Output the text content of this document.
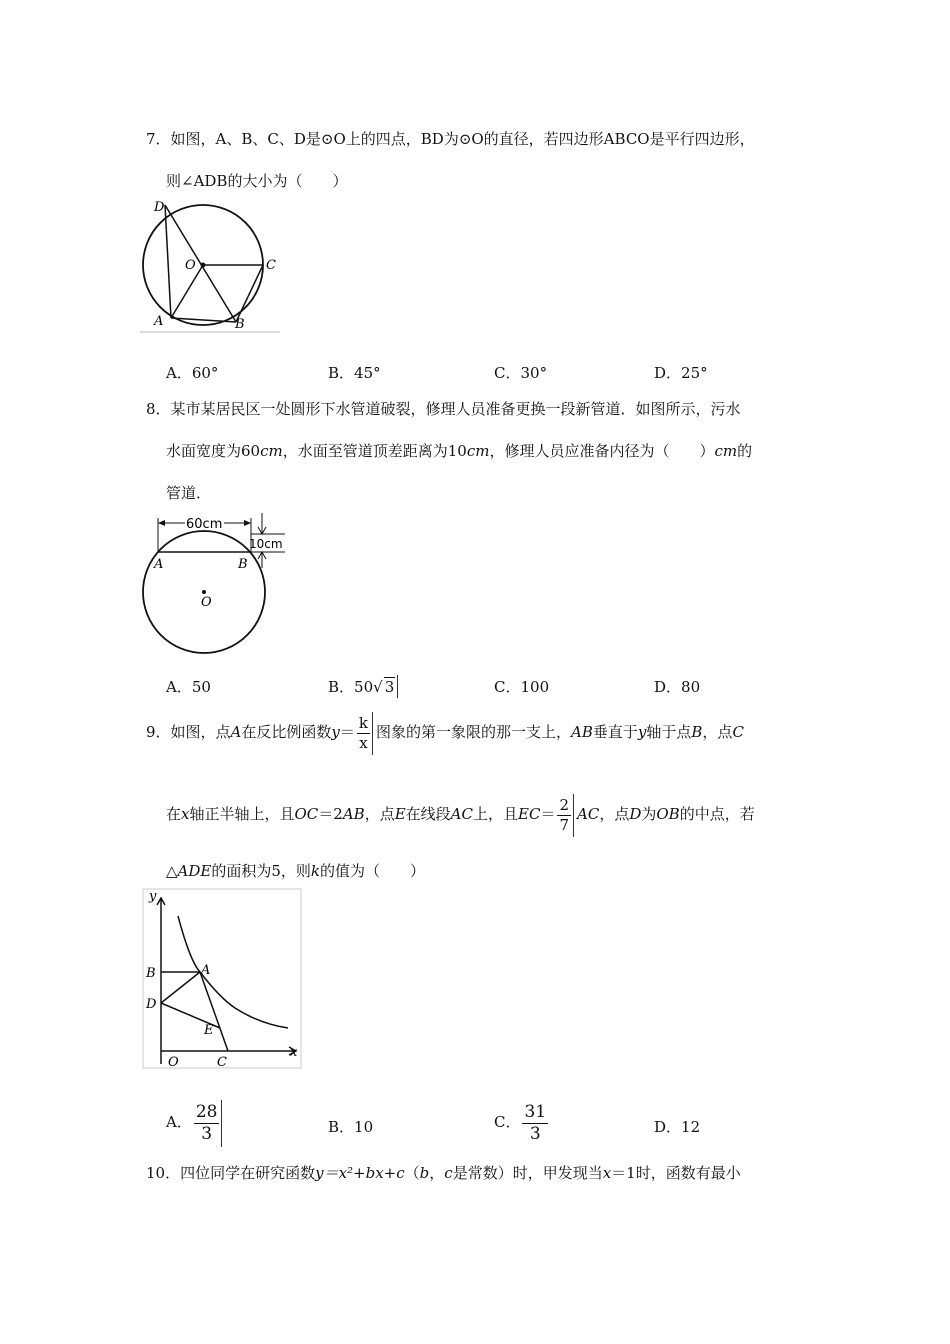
7．如图，A、B、C、D是⊙O上的四点，BD为⊙O的直径，若四边形ABCO是平行四边形，
则∠ADB的大小为（　　）
D
O	C
A	B
A．60°	B．45°	C．30°	D．25°
8．某市某居民区一处圆形下水管道破裂，修理人员准备更换一段新管道．如图所示，污水
水面宽度为60cm，水面至管道顶差距离为10cm，修理人员应准备内径为（　　）cm的
管道．
60cm
10cm
A	B
O
A．50	B．50√ 3	C．100	D．80
9．如图，点A在反比例函数$y= \frac{k}{x}$ 图象的第一象限的那一支上，AB垂直于y轴于点B，点C
在x轴正半轴上，且OC＝2AB，点E在线段AC上，且$EC= \frac{2}{7}$ AC，点D为OB的中点，若
△ADE的面积为5，则k的值为（　　）
y
x
B	A
D
E
O	C
A． $\frac{28}{3}$	B．10	C． $\frac{31}{3}$	D．12
10．四位同学在研究函数y＝x²+bx+c（b，c是常数）时，甲发现当x＝1时，函数有最小
